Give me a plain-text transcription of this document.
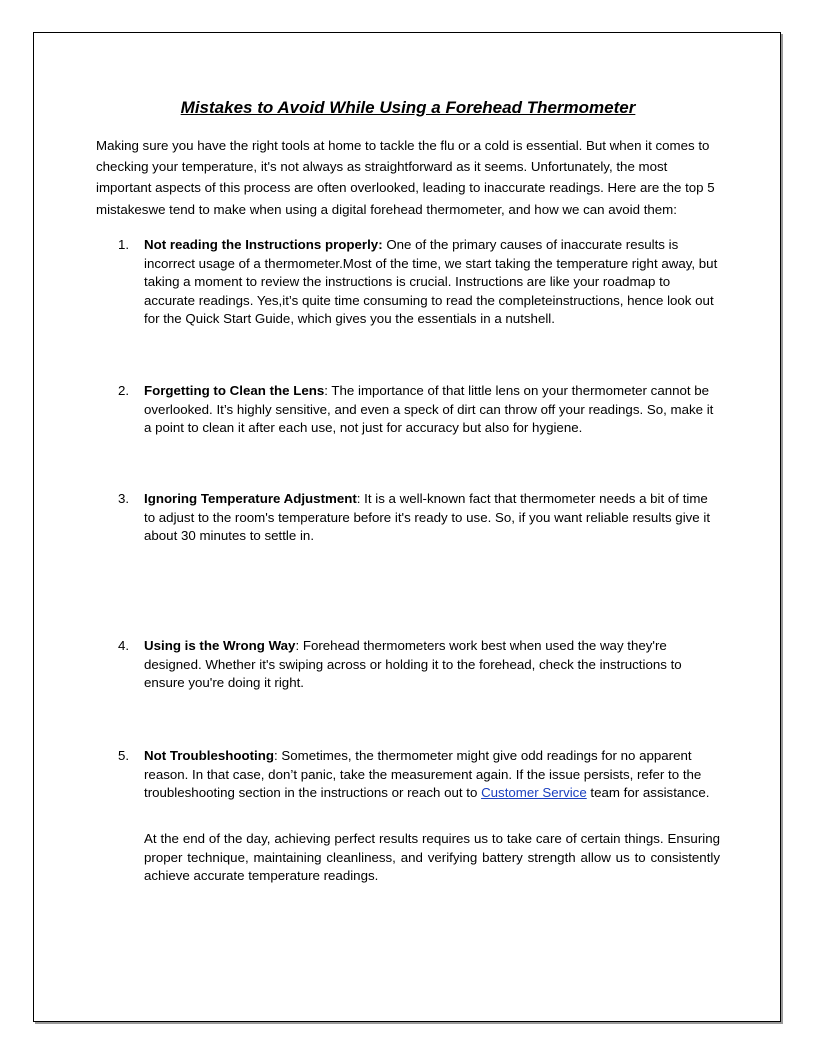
Mistakes to Avoid While Using a Forehead Thermometer

Making sure you have the right tools at home to tackle the flu or a cold is essential. But when it comes to checking your temperature, it's not always as straightforward as it seems. Unfortunately, the most important aspects of this process are often overlooked, leading to inaccurate readings. Here are the top 5 mistakeswe tend to make when using a digital forehead thermometer, and how we can avoid them:

1.	Not reading the Instructions properly: One of the primary causes of inaccurate results is incorrect usage of a thermometer.Most of the time, we start taking the temperature right away, but taking a moment to review the instructions is crucial. Instructions are like your roadmap to accurate readings. Yes,it’s quite time consuming to read the completeinstructions, hence look out for the Quick Start Guide, which gives you the essentials in a nutshell.
2.	Forgetting to Clean the Lens: The importance of that little lens on your thermometer cannot be overlooked. It’s highly sensitive, and even a speck of dirt can throw off your readings. So, make it a point to clean it after each use, not just for accuracy but also for hygiene.
3.	Ignoring Temperature Adjustment: It is a well-known fact that thermometer needs a bit of time to adjust to the room's temperature before it's ready to use. So, if you want reliable results give it about 30 minutes to settle in.
4.	Using is the Wrong Way: Forehead thermometers work best when used the way they're designed. Whether it's swiping across or holding it to the forehead, check the instructions to ensure you're doing it right.
5.	Not Troubleshooting: Sometimes, the thermometer might give odd readings for no apparent reason. In that case, don’t panic, take the measurement again. If the issue persists, refer to the troubleshooting section in the instructions or reach out to Customer Service team for assistance.

At the end of the day, achieving perfect results requires us to take care of certain things. Ensuring proper technique, maintaining cleanliness, and verifying battery strength allow us to consistently achieve accurate temperature readings.
